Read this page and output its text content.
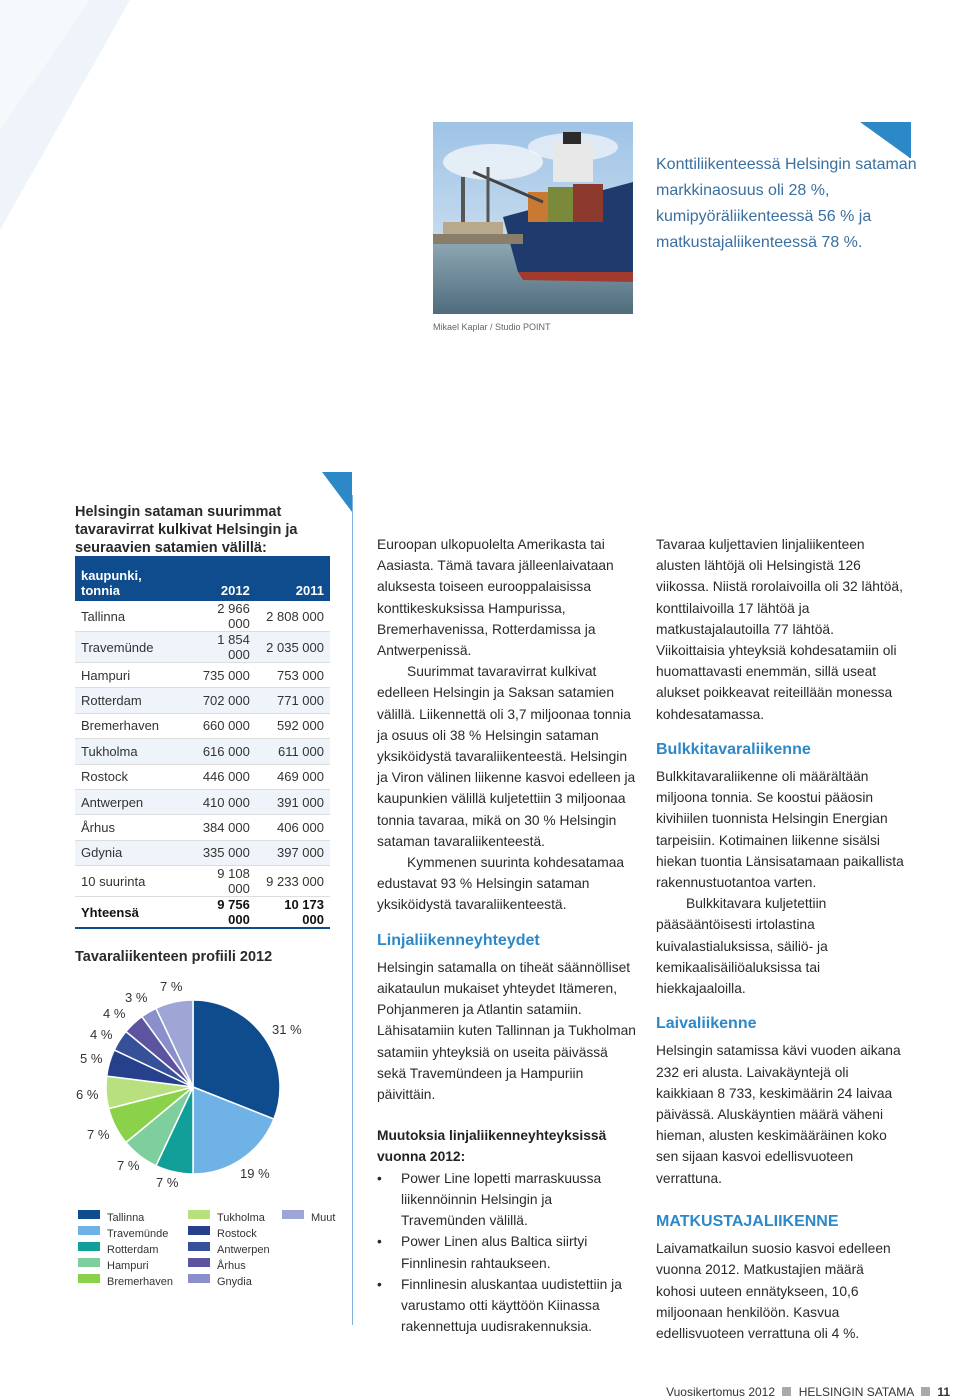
Mikael Kaplar / Studio POINT
Konttiliikenteessä Helsingin sataman markkinaosuus oli 28 %, kumipyöräliikenteessä 56 % ja matkustajaliikenteessä 78 %.
Helsingin sataman suurimmat tavaravirrat kulkivat Helsingin ja seuraavien satamien välillä:
kaupunki, tonnia	2012	2011
Tallinna	2 966 000	2 808 000
Travemünde	1 854 000	2 035 000
Hampuri	735 000	753 000
Rotterdam	702 000	771 000
Bremerhaven	660 000	592 000
Tukholma	616 000	611 000
Rostock	446 000	469 000
Antwerpen	410 000	391 000
Århus	384 000	406 000
Gdynia	335 000	397 000
10 suurinta	9 108 000	9 233 000
Yhteensä	9 756 000	10 173 000
Tavaraliikenteen profiili 2012
31 %
19 %
7 %
7 %
7 %
6 %
5 %
4 %
4 %
3 %
7 %
Tallinna
Travemünde
Rotterdam
Hampuri
Bremerhaven
Tukholma
Rostock
Antwerpen
Århus
Gnydia
Muut

Euroopan ulkopuolelta Amerikasta tai Aasiasta. Tämä tavara jälleenlaivataan aluksesta toiseen eurooppalaisissa konttikeskuksissa Hampurissa, Bremerhavenissa, Rotterdamissa ja Antwerpenissä.

Suurimmat tavaravirrat kulkivat edelleen Helsingin ja Saksan satamien välillä. Liikennettä oli 3,7 miljoonaa tonnia ja osuus oli 38 % Helsingin sataman yksiköidystä tavaraliikenteestä. Helsingin ja Viron välinen liikenne kasvoi edelleen ja kaupunkien välillä kuljetettiin 3 miljoonaa tonnia tavaraa, mikä on 30 % Helsingin sataman tavaraliikenteestä.

Kymmenen suurinta kohdesatamaa edustavat 93 % Helsingin sataman yksiköidystä tavaraliikenteestä.

Linjaliikenneyhteydet

Helsingin satamalla on tiheät säännölliset aikataulun mukaiset yhteydet Itämeren, Pohjanmeren ja Atlantin satamiin. Lähisatamiin kuten Tallinnan ja Tukholman satamiin yhteyksiä on useita päivässä sekä Travemündeen ja Hampuriin päivittäin.

Muutoksia linjaliikenneyhteyksissä vuonna 2012:

• Power Line lopetti marraskuussa liikennöinnin Helsingin ja Travemünden välillä.
• Power Linen alus Baltica siirtyi Finnlinesin rahtaukseen.
• Finnlinesin aluskantaa uudistettiin ja varustamo otti käyttöön Kiinassa rakennettuja uudisrakennuksia.

Tavaraa kuljettavien linjaliikenteen alusten lähtöjä oli Helsingistä 126 viikossa. Niistä rorolaivoilla oli 32 lähtöä, konttilaivoilla 17 lähtöä ja matkustajalautoilla 77 lähtöä. Viikoittaisia yhteyksiä kohdesatamiin oli huomattavasti enemmän, sillä useat alukset poikkeavat reiteillään monessa kohdesatamassa.

Bulkkitavaraliikenne

Bulkkitavaraliikenne oli määrältään miljoona tonnia. Se koostui pääosin kivihiilen tuonnista Helsingin Energian tarpeisiin. Kotimainen liikenne sisälsi hiekan tuontia Länsisatamaan paikallista rakennustuotantoa varten.

Bulkkitavara kuljetettiin pääsääntöisesti irtolastina kuivalastialuksissa, säiliö- ja kemikaalisäiliöaluksissa tai hiekkajaaloilla.

Laivaliikenne

Helsingin satamissa kävi vuoden aikana 232 eri alusta. Laivakäyntejä oli kaikkiaan 8 733, keskimäärin 24 laivaa päivässä. Aluskäyntien määrä väheni hieman, alusten keskimääräinen koko sen sijaan kasvoi edellisvuoteen verrattuna.

MATKUSTAJALIIKENNE

Laivamatkailun suosio kasvoi edelleen vuonna 2012. Matkustajien määrä kohosi uuteen ennätykseen, 10,6 miljoonaan henkilöön. Kasvua edellisvuoteen verrattuna oli 4 %.

Vuosikertomus 2012 HELSINGIN SATAMA 11
